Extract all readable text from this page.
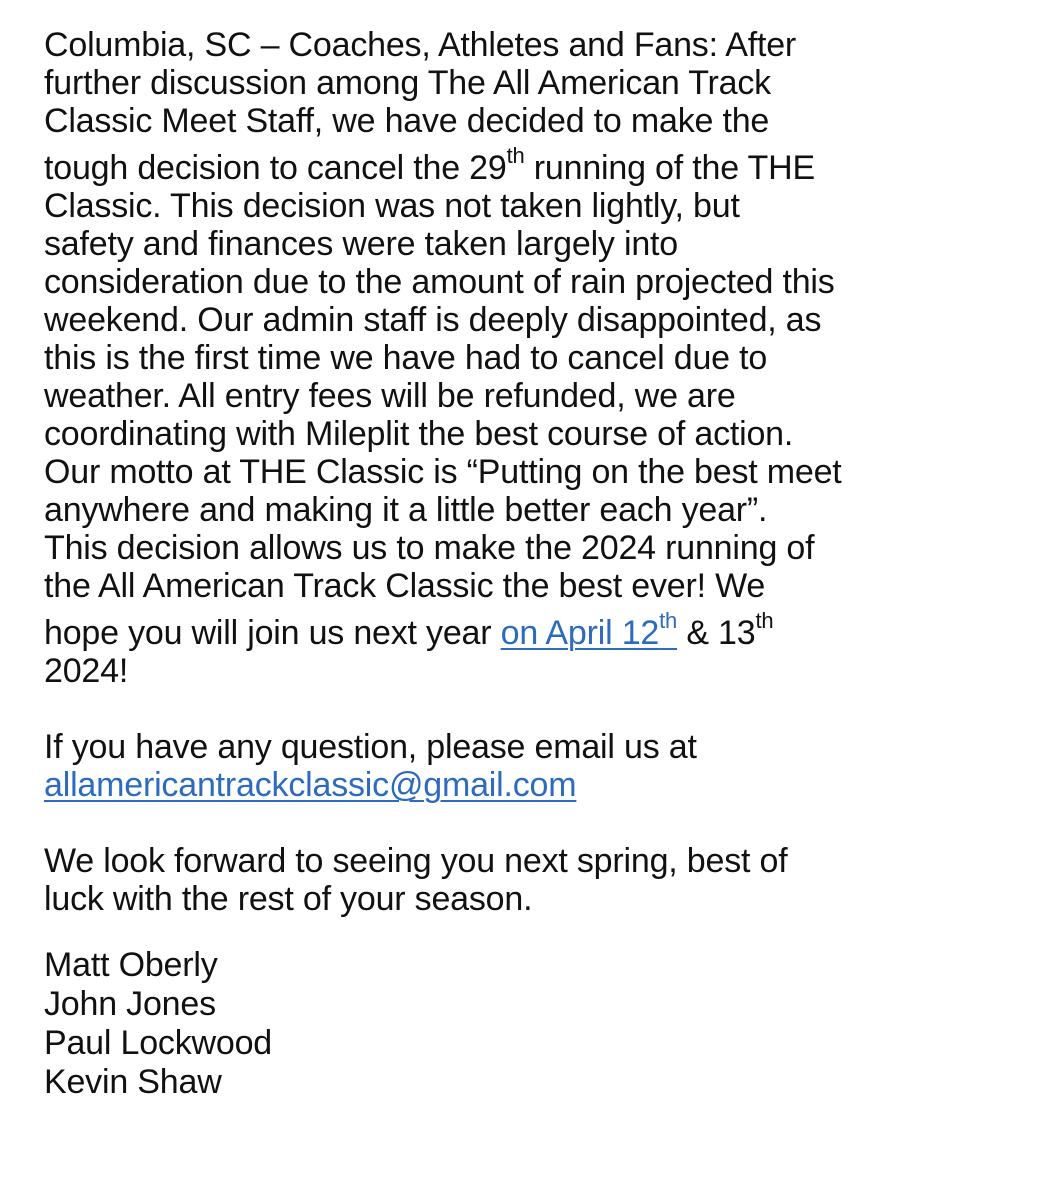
Columbia, SC – Coaches, Athletes and Fans: After
further discussion among The All American Track
Classic Meet Staff, we have decided to make the
tough decision to cancel the 29th running of the THE
Classic. This decision was not taken lightly, but
safety and finances were taken largely into
consideration due to the amount of rain projected this
weekend. Our admin staff is deeply disappointed, as
this is the first time we have had to cancel due to
weather. All entry fees will be refunded, we are
coordinating with Mileplit the best course of action.
Our motto at THE Classic is “Putting on the best meet
anywhere and making it a little better each year”.
This decision allows us to make the 2024 running of
the All American Track Classic the best ever! We
hope you will join us next year on April 12th & 13th
2024!
If you have any question, please email us at
allamericantrackclassic@gmail.com
We look forward to seeing you next spring, best of
luck with the rest of your season.
Matt Oberly
John Jones
Paul Lockwood
Kevin Shaw
